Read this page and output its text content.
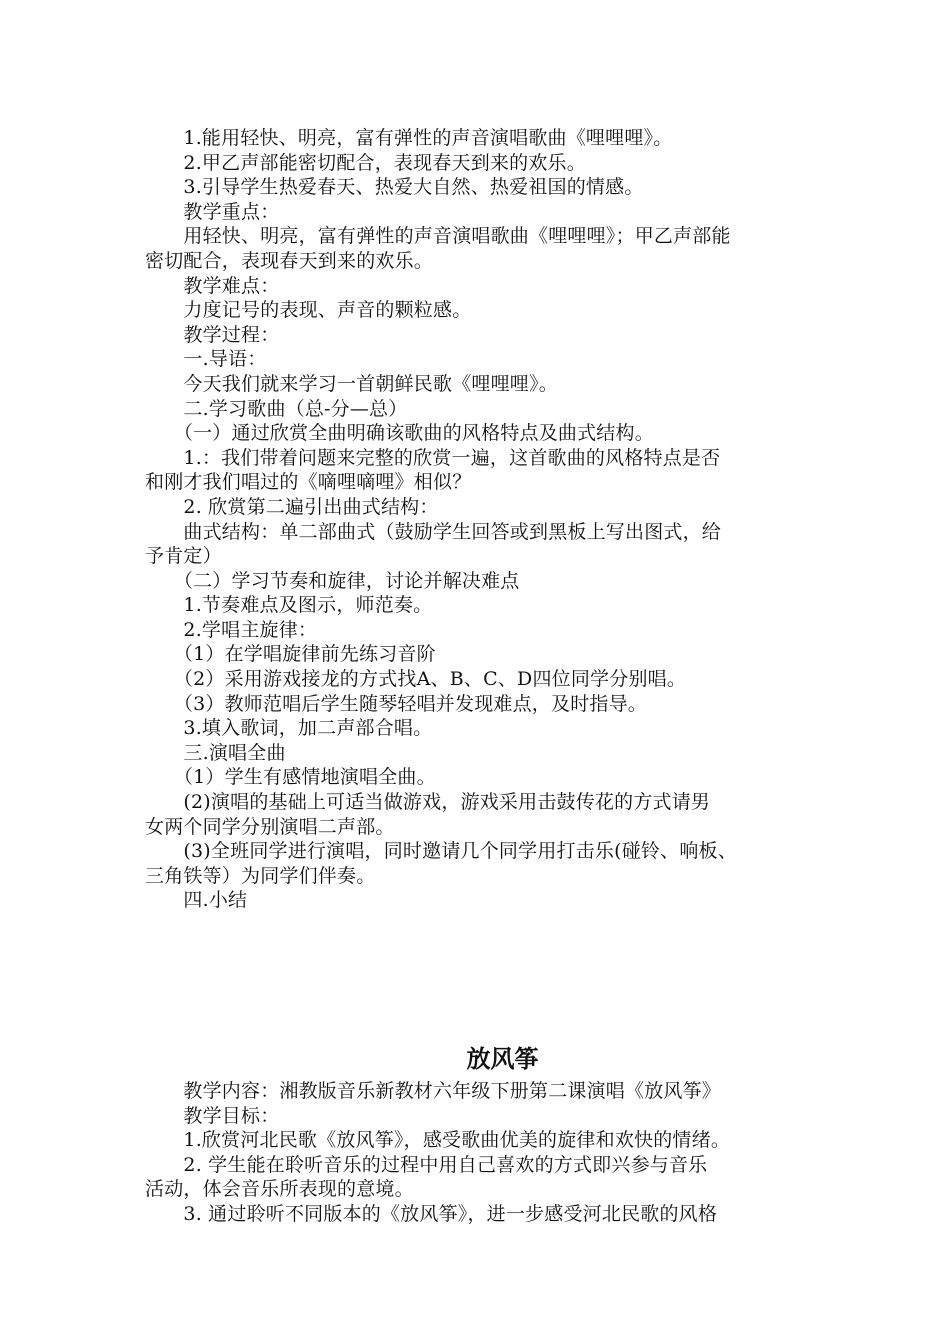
　　1.能用轻快、明亮，富有弹性的声音演唱歌曲《哩哩哩》。

　　2.甲乙声部能密切配合，表现春天到来的欢乐。

　　3.引导学生热爱春天、热爱大自然、热爱祖国的情感。

　　教学重点：

　　用轻快、明亮，富有弹性的声音演唱歌曲《哩哩哩》；甲乙声部能

密切配合，表现春天到来的欢乐。

　　教学难点：

　　力度记号的表现、声音的颗粒感。

　　教学过程：

　　一.导语：

　　今天我们就来学习一首朝鲜民歌《哩哩哩》。

　　二.学习歌曲（总-分—总）

　　（一）通过欣赏全曲明确该歌曲的风格特点及曲式结构。

　　1.：我们带着问题来完整的欣赏一遍，这首歌曲的风格特点是否

和刚才我们唱过的《嘀哩嘀哩》相似？

　　2. 欣赏第二遍引出曲式结构：

　　曲式结构：单二部曲式（鼓励学生回答或到黑板上写出图式，给

予肯定）

　　（二）学习节奏和旋律，讨论并解决难点

　　1.节奏难点及图示，师范奏。

　　2.学唱主旋律：

　　（1）在学唱旋律前先练习音阶

　　（2）采用游戏接龙的方式找A、B、C、D四位同学分别唱。

　　（3）教师范唱后学生随琴轻唱并发现难点，及时指导。

　　3.填入歌词，加二声部合唱。

　　三.演唱全曲

　　（1）学生有感情地演唱全曲。

　　(2)演唱的基础上可适当做游戏，游戏采用击鼓传花的方式请男

女两个同学分别演唱二声部。

　　(3)全班同学进行演唱，同时邀请几个同学用打击乐(碰铃、响板、

三角铁等）为同学们伴奏。

　　四.小结

放风筝

　　教学内容：湘教版音乐新教材六年级下册第二课演唱《放风筝》

　　教学目标：

　　1.欣赏河北民歌《放风筝》，感受歌曲优美的旋律和欢快的情绪。

　　2. 学生能在聆听音乐的过程中用自己喜欢的方式即兴参与音乐

活动，体会音乐所表现的意境。

　　3. 通过聆听不同版本的《放风筝》，进一步感受河北民歌的风格
